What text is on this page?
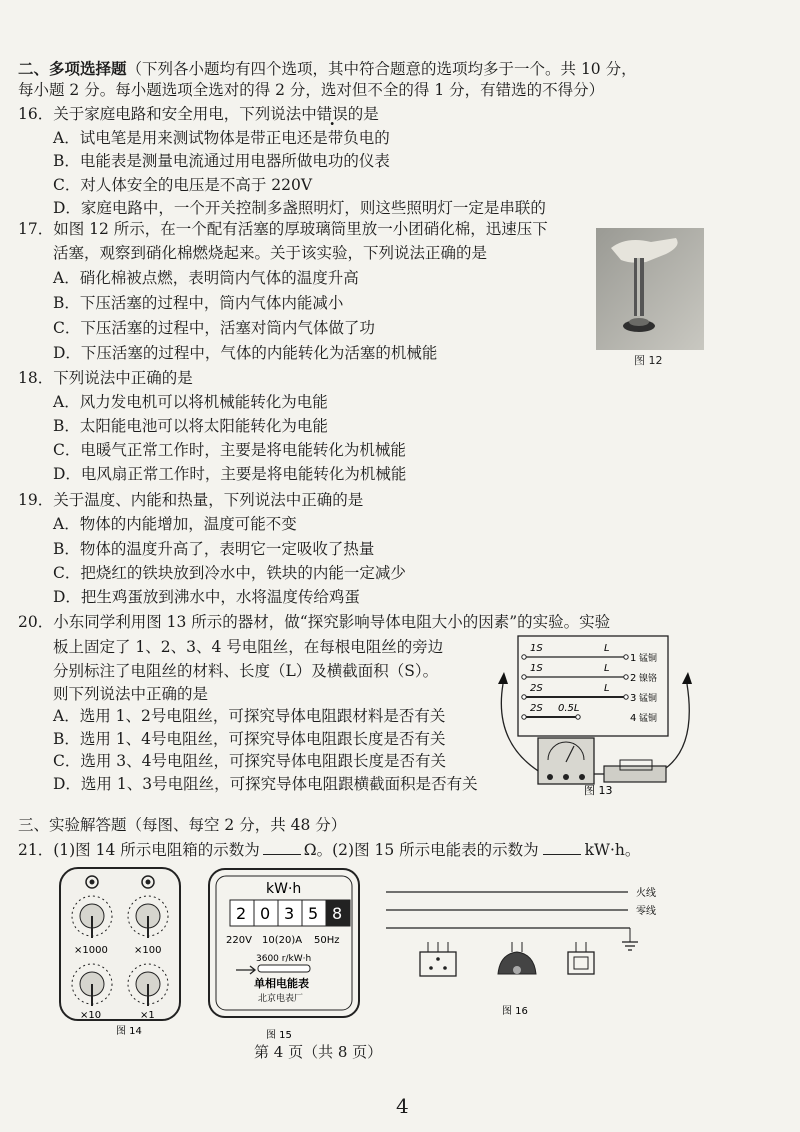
二、多项选择题（下列各小题均有四个选项，其中符合题意的选项均多于一个。共 10 分，
每小题 2 分。每小题选项全选对的得 2 分，选对但不全的得 1 分，有错选的不得分）
16．关于家庭电路和安全用电，下列说法中错误的是
A．试电笔是用来测试物体是带正电还是带负电的
B．电能表是测量电流通过用电器所做电功的仪表
C．对人体安全的电压是不高于 220V
D．家庭电路中，一个开关控制多盏照明灯，则这些照明灯一定是串联的
17．如图 12 所示，在一个配有活塞的厚玻璃筒里放一小团硝化棉，迅速压下
活塞，观察到硝化棉燃烧起来。关于该实验，下列说法正确的是
A．硝化棉被点燃，表明筒内气体的温度升高
B．下压活塞的过程中，筒内气体内能减小
C．下压活塞的过程中，活塞对筒内气体做了功
D．下压活塞的过程中，气体的内能转化为活塞的机械能	图 12
18．下列说法中正确的是
A．风力发电机可以将机械能转化为电能
B．太阳能电池可以将太阳能转化为电能
C．电暖气正常工作时，主要是将电能转化为机械能
D．电风扇正常工作时，主要是将电能转化为机械能
19．关于温度、内能和热量，下列说法中正确的是
A．物体的内能增加，温度可能不变
B．物体的温度升高了，表明它一定吸收了热量
C．把烧红的铁块放到冷水中，铁块的内能一定减少
D．把生鸡蛋放到沸水中，水将温度传给鸡蛋
20．小东同学利用图 13 所示的器材，做“探究影响导体电阻大小的因素”的实验。实验
板上固定了 1、2、3、4 号电阻丝，在每根电阻丝的旁边
分别标注了电阻丝的材料、长度（L）及横截面积（S）。
则下列说法中正确的是
A．选用 1、2号电阻丝，可探究导体电阻跟材料是否有关
B．选用 1、4号电阻丝，可探究导体电阻跟长度是否有关
C．选用 3、4号电阻丝，可探究导体电阻跟长度是否有关
D．选用 1、3号电阻丝，可探究导体电阻跟横截面积是否有关
1S	L
1 锰铜
1S	L
2 镍铬
2S	L
3 锰铜
2S 0.5L
4 锰铜
图 13
三、实验解答题（每图、每空 2 分，共 48 分）
21．(1)图 14 所示电阻箱的示数为	Ω。(2)图 15 所示电能表的示数为	kW·h。
×1000	×100
×10	×1
图 14
kW·h
2 0 3 5 8
220V 10(20)A 50Hz
3600 r/kW·h
单相电能表
北京电表厂
图 15
火线
零线
图 16
第 4 页（共 8 页）
4
